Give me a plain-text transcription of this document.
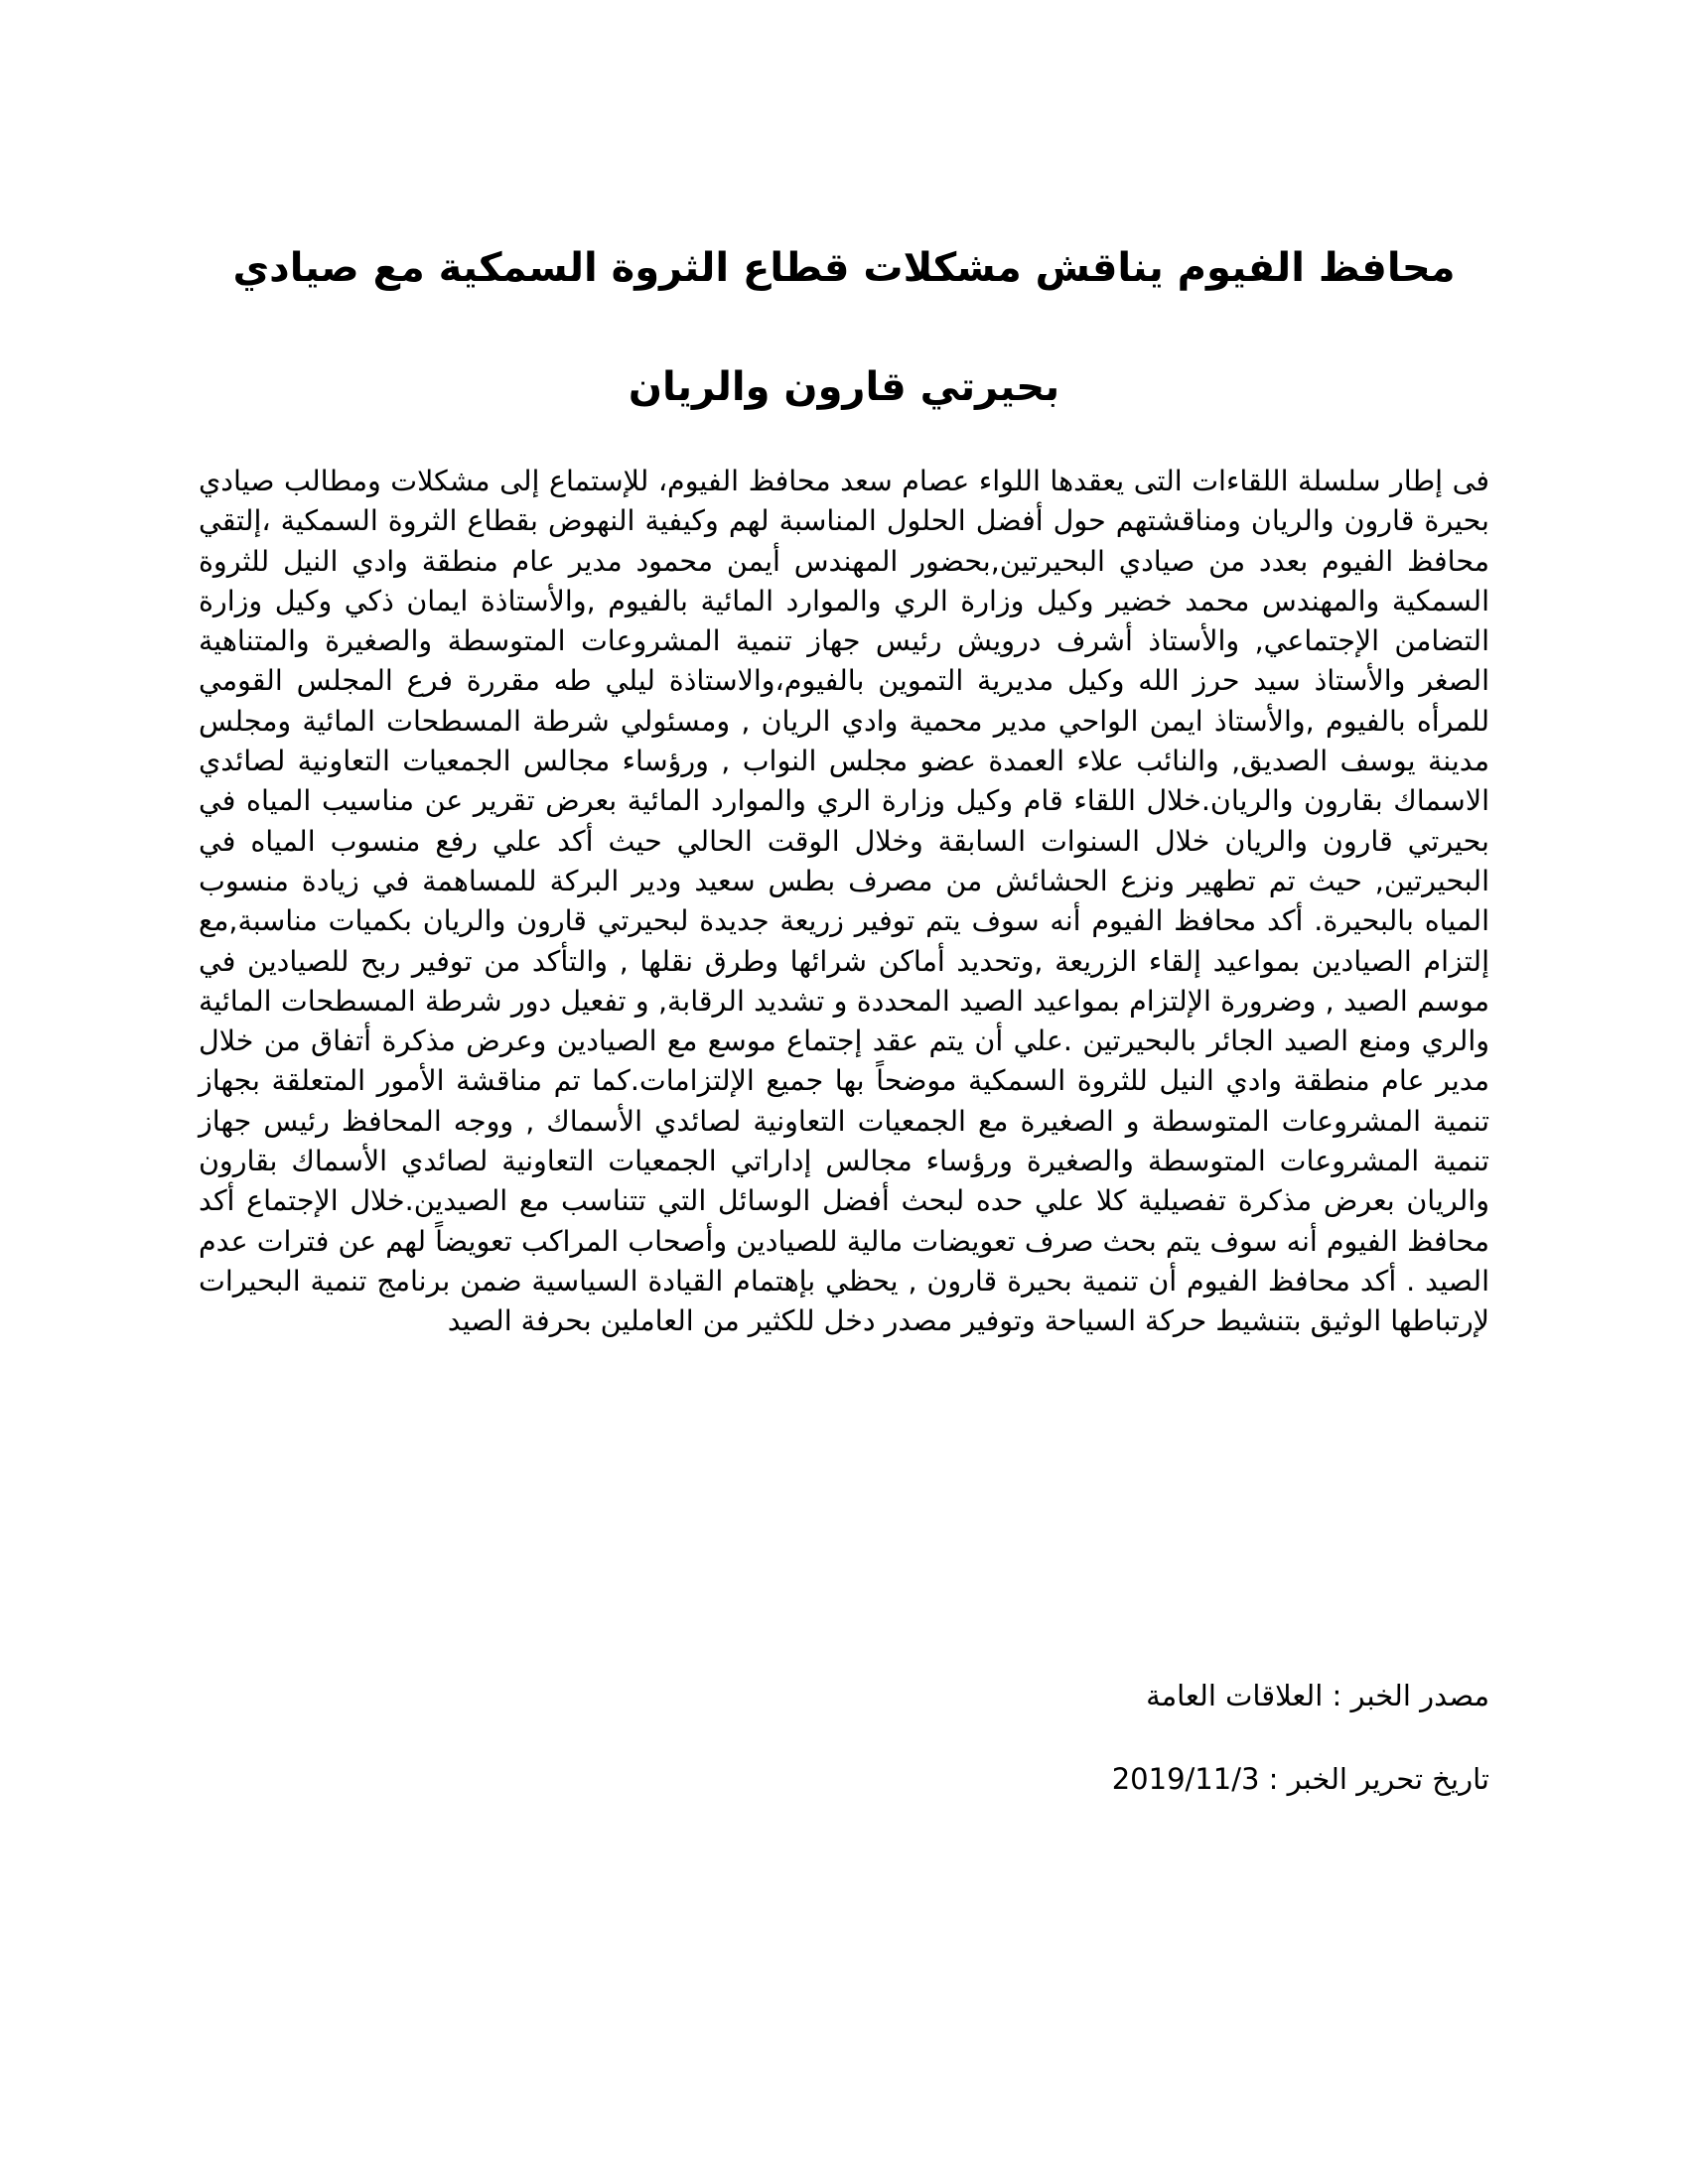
محافظ الفيوم يناقش مشكلات قطاع الثروة السمكية مع صيادي بحيرتي قارون والريان

فى إطار سلسلة اللقاءات التى يعقدها اللواء عصام سعد محافظ الفيوم، للإستماع إلى مشكلات ومطالب صيادي بحيرة قارون والريان ومناقشتهم حول أفضل الحلول المناسبة لهم وكيفية النهوض بقطاع الثروة السمكية ،إلتقي محافظ الفيوم بعدد من صيادي البحيرتين,بحضور المهندس أيمن محمود مدير عام منطقة وادي النيل للثروة السمكية والمهندس محمد خضير وكيل وزارة الري والموارد المائية بالفيوم ,والأستاذة ايمان ذكي وكيل وزارة التضامن الإجتماعي, والأستاذ أشرف درويش رئيس جهاز تنمية المشروعات المتوسطة والصغيرة والمتناهية الصغر والأستاذ سيد حرز الله وكيل مديرية التموين بالفيوم،والاستاذة ليلي طه مقررة فرع المجلس القومي للمرأه بالفيوم ,والأستاذ ايمن الواحي مدير محمية وادي الريان , ومسئولي شرطة المسطحات المائية ومجلس مدينة يوسف الصديق, والنائب علاء العمدة عضو مجلس النواب , ورؤساء مجالس الجمعيات التعاونية لصائدي الاسماك بقارون والريان.خلال اللقاء قام وكيل وزارة الري والموارد المائية بعرض تقرير عن مناسيب المياه في بحيرتي قارون والريان خلال السنوات السابقة وخلال الوقت الحالي حيث أكد علي رفع منسوب المياه في البحيرتين, حيث تم تطهير ونزع الحشائش من مصرف بطس سعيد ودير البركة للمساهمة في زيادة منسوب المياه بالبحيرة. أكد محافظ الفيوم أنه سوف يتم توفير زريعة جديدة لبحيرتي قارون والريان بكميات مناسبة,مع إلتزام الصيادين بمواعيد إلقاء الزريعة ,وتحديد أماكن شرائها وطرق نقلها , والتأكد من توفير ربح للصيادين في موسم الصيد , وضرورة الإلتزام بمواعيد الصيد المحددة و تشديد الرقابة, و تفعيل دور شرطة المسطحات المائية والري ومنع الصيد الجائر بالبحيرتين .علي أن يتم عقد إجتماع موسع مع الصيادين وعرض مذكرة أتفاق من خلال مدير عام منطقة وادي النيل للثروة السمكية موضحاً بها جميع الإلتزامات.كما تم مناقشة الأمور المتعلقة بجهاز تنمية المشروعات المتوسطة و الصغيرة مع الجمعيات التعاونية لصائدي الأسماك , ووجه المحافظ رئيس جهاز تنمية المشروعات المتوسطة والصغيرة ورؤساء مجالس إداراتي الجمعيات التعاونية لصائدي الأسماك بقارون والريان بعرض مذكرة تفصيلية كلا علي حده لبحث أفضل الوسائل التي تتناسب مع الصيدين.خلال الإجتماع أكد محافظ الفيوم أنه سوف يتم بحث صرف تعويضات مالية للصيادين وأصحاب المراكب تعويضاً لهم عن فترات عدم الصيد . أكد محافظ الفيوم أن تنمية بحيرة قارون , يحظي بإهتمام القيادة السياسية ضمن برنامج تنمية البحيرات لإرتباطها الوثيق بتنشيط حركة السياحة وتوفير مصدر دخل للكثير من العاملين بحرفة الصيد

مصدر الخبر : العلاقات العامة

تاريخ تحرير الخبر : 2019/11/3
